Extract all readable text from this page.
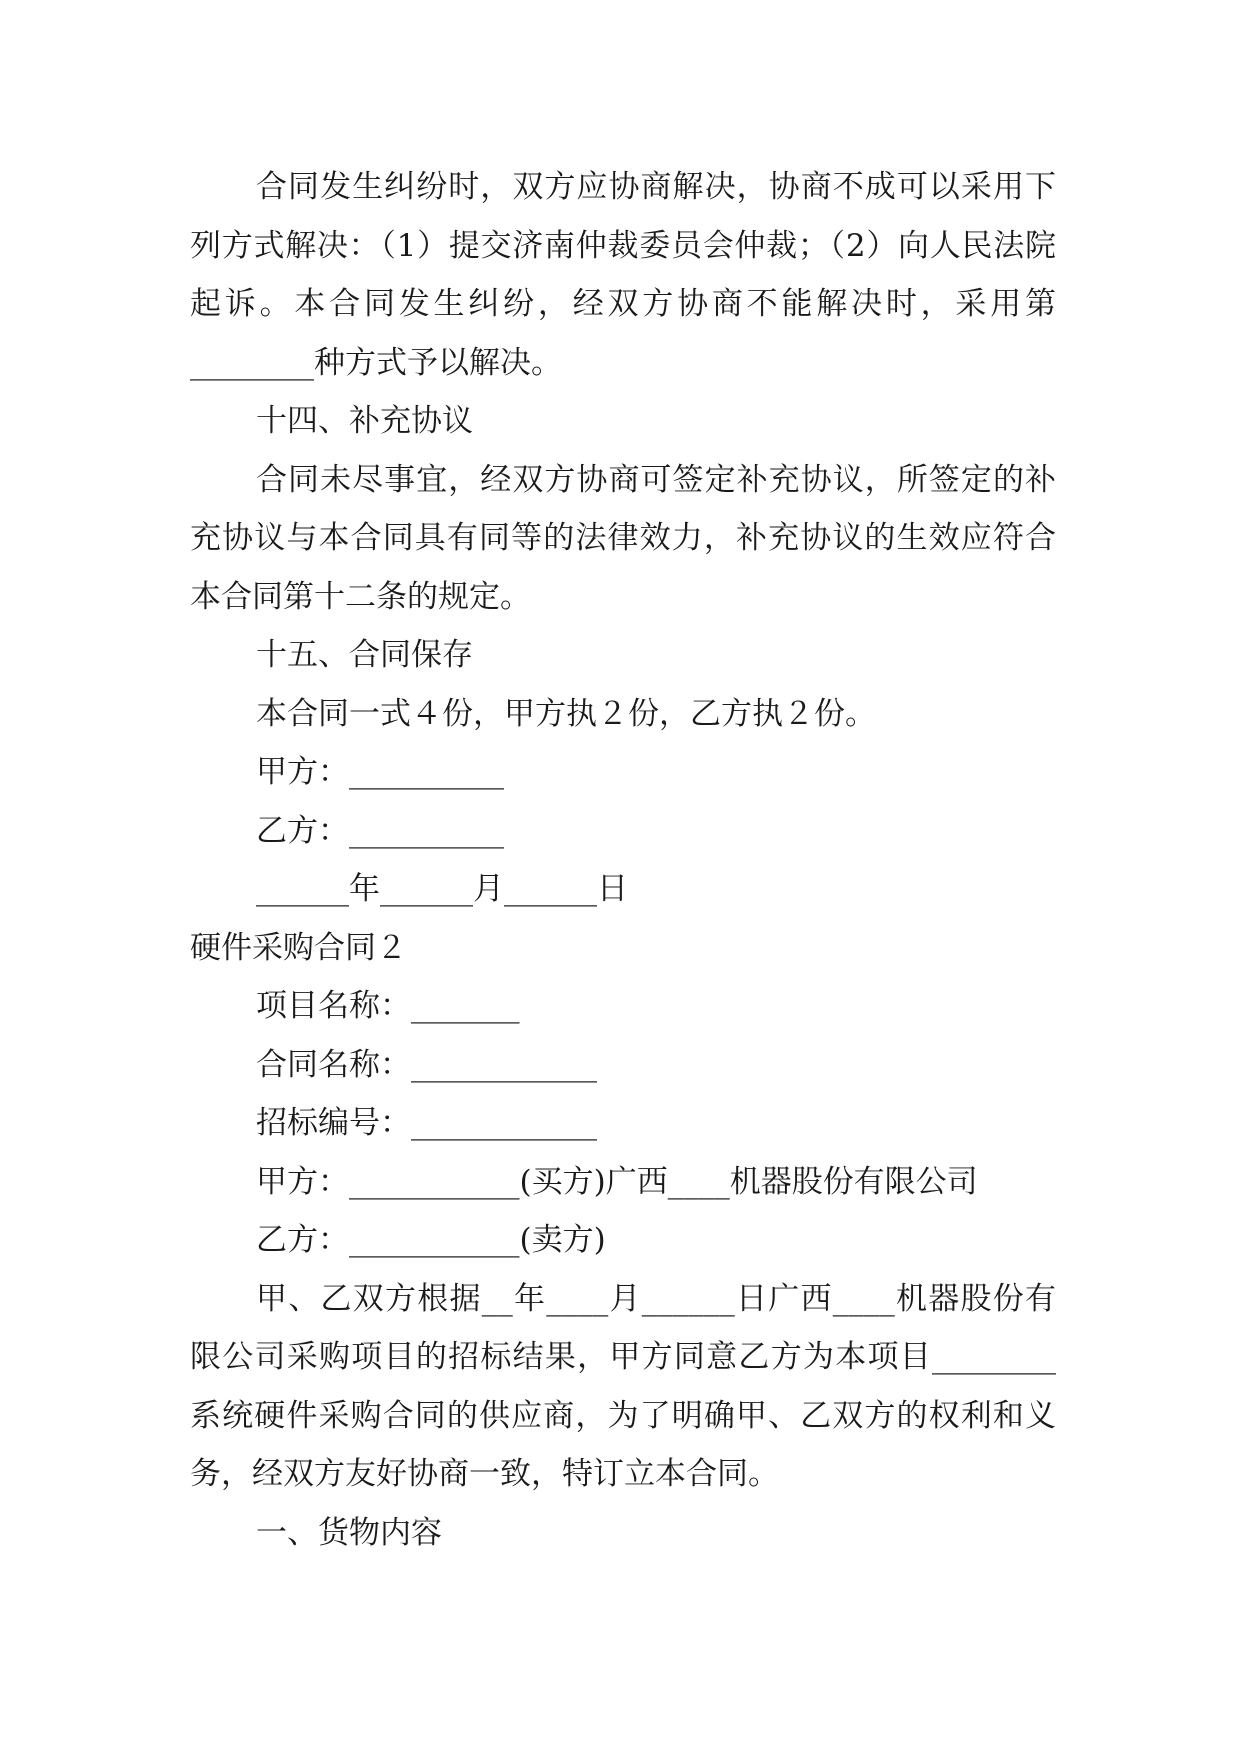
合同发生纠纷时，双方应协商解决，协商不成可以采用下列方式解决：（1）提交济南仲裁委员会仲裁；（2）向人民法院起诉。本合同发生纠纷，经双方协商不能解决时，采用第________种方式予以解决。

十四、补充协议

合同未尽事宜，经双方协商可签定补充协议，所签定的补充协议与本合同具有同等的法律效力，补充协议的生效应符合本合同第十二条的规定。

十五、合同保存

本合同一式４份，甲方执２份，乙方执２份。

甲方：__________

乙方：__________

______年______月______日

硬件采购合同２

项目名称：_______

合同名称：____________

招标编号：____________

甲方：___________(买方)广西____机器股份有限公司

乙方：___________(卖方)

甲、乙双方根据__年____月______日广西____机器股份有限公司采购项目的招标结果，甲方同意乙方为本项目________系统硬件采购合同的供应商，为了明确甲、乙双方的权利和义务，经双方友好协商一致，特订立本合同。

一、货物内容
